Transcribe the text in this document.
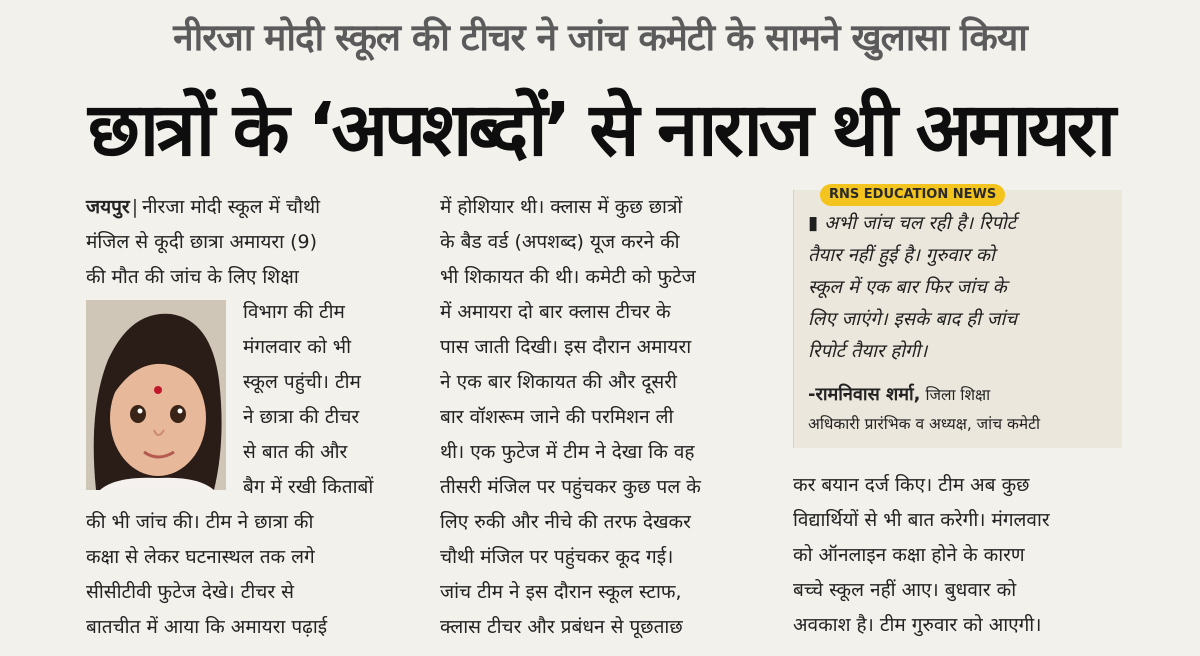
नीरजा मोदी स्कूल की टीचर ने जांच कमेटी के सामने खुलासा किया
छात्रों के ‘अपशब्दों’ से नाराज थी अमायरा

जयपुर | नीरजा मोदी स्कूल में चौथी

मंजिल से कूदी छात्रा अमायरा (9)

की मौत की जांच के लिए शिक्षा

विभाग की टीम

मंगलवार को भी

स्कूल पहुंची। टीम

ने छात्रा की टीचर

से बात की और

बैग में रखी किताबों

की भी जांच की। टीम ने छात्रा की

कक्षा से लेकर घटनास्थल तक लगे

सीसीटीवी फुटेज देखे। टीचर से

बातचीत में आया कि अमायरा पढ़ाई

में होशियार थी। क्लास में कुछ छात्रों

के बैड वर्ड (अपशब्द) यूज करने की

भी शिकायत की थी। कमेटी को फुटेज

में अमायरा दो बार क्लास टीचर के

पास जाती दिखी। इस दौरान अमायरा

ने एक बार शिकायत की और दूसरी

बार वॉशरूम जाने की परमिशन ली

थी। एक फुटेज में टीम ने देखा कि वह

तीसरी मंजिल पर पहुंचकर कुछ पल के

लिए रुकी और नीचे की तरफ देखकर

चौथी मंजिल पर पहुंचकर कूद गई।

जांच टीम ने इस दौरान स्कूल स्टाफ,

क्लास टीचर और प्रबंधन से पूछताछ

RNS EDUCATION NEWS
▮ अभी जांच चल रही है। रिपोर्ट
तैयार नहीं हुई है। गुरुवार को
स्कूल में एक बार फिर जांच के
लिए जाएंगे। इसके बाद ही जांच
रिपोर्ट तैयार होगी।
-रामनिवास शर्मा, जिला शिक्षा
अधिकारी प्रारंभिक व अध्यक्ष, जांच कमेटी

कर बयान दर्ज किए। टीम अब कुछ

विद्यार्थियों से भी बात करेगी। मंगलवार

को ऑनलाइन कक्षा होने के कारण

बच्चे स्कूल नहीं आए। बुधवार को

अवकाश है। टीम गुरुवार को आएगी।
